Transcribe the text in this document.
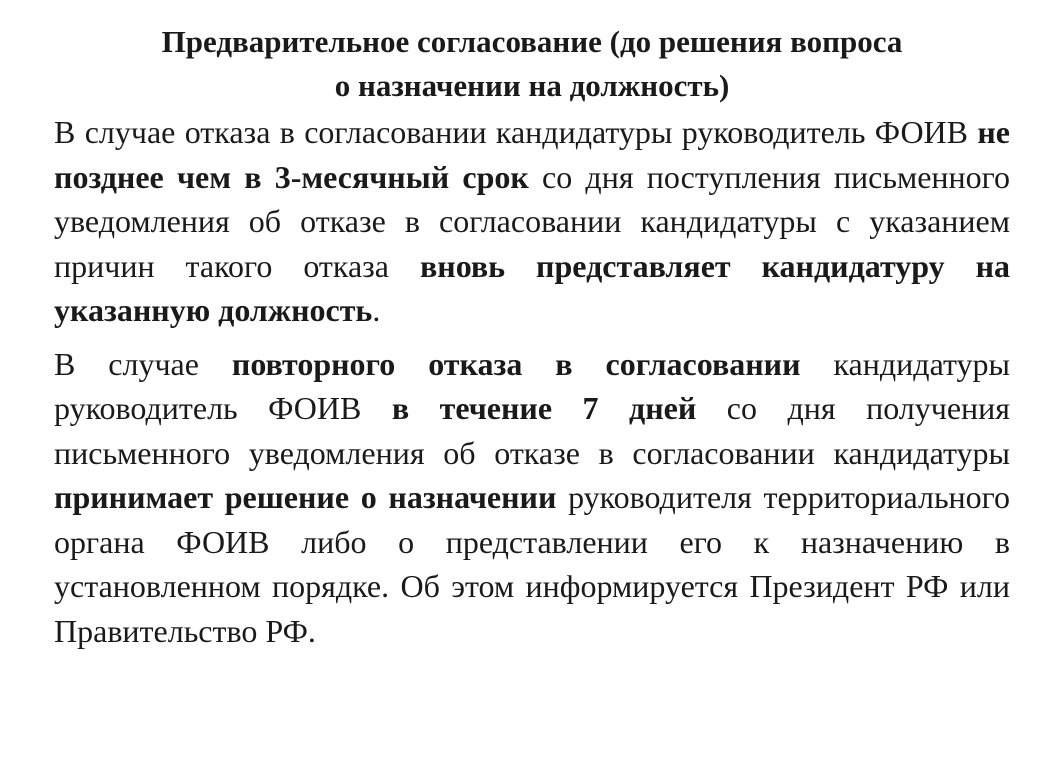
Предварительное согласование (до решения вопроса
о назначении на должность)

В случае отказа в согласовании кандидатуры руководитель ФОИВ не позднее чем в 3-месячный срок со дня поступления письменного уведомления об отказе в согласовании кандидатуры с указанием причин такого отказа вновь представляет кандидатуру на указанную должность.

В случае повторного отказа в согласовании кандидатуры руководитель ФОИВ в течение 7 дней со дня получения письменного уведомления об отказе в согласовании кандидатуры принимает решение о назначении руководителя территориального органа ФОИВ либо о представлении его к назначению в установленном порядке. Об этом информируется Президент РФ или Правительство РФ.
